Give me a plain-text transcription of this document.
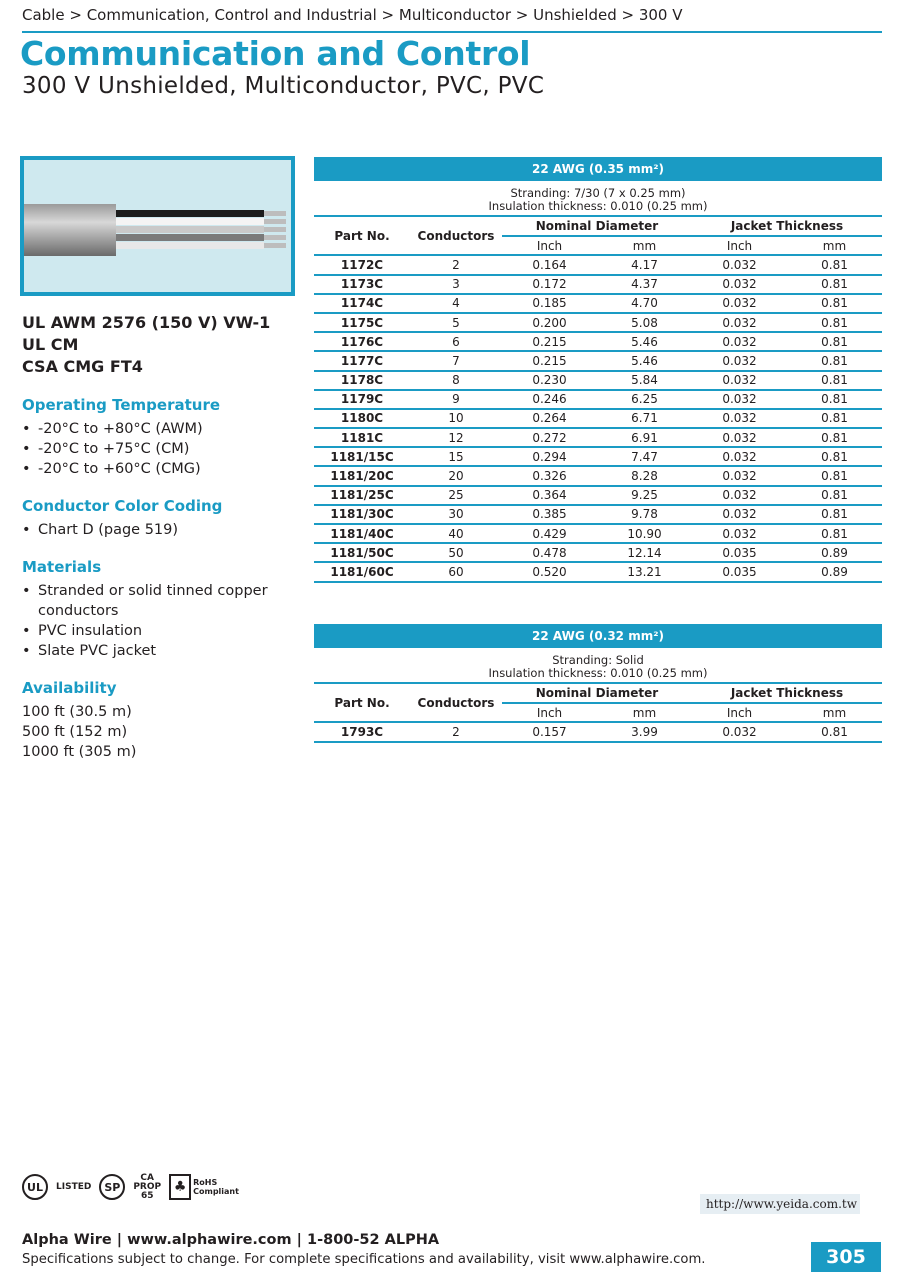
Cable > Communication, Control and Industrial > Multiconductor > Unshielded > 300 V
Communication and Control
300 V Unshielded, Multiconductor, PVC, PVC
UL AWM 2576 (150 V) VW-1
UL CM
CSA CMG FT4
Operating Temperature
• -20°C to +80°C (AWM)
• -20°C to +75°C (CM)
• -20°C to +60°C (CMG)
Conductor Color Coding
• Chart D (page 519)
Materials
• Stranded or solid tinned copper conductors
• PVC insulation
• Slate PVC jacket
Availability
100 ft (30.5 m)
500 ft (152 m)
1000 ft (305 m)
22 AWG (0.35 mm²)
Stranding: 7/30 (7 x 0.25 mm)
Insulation thickness: 0.010 (0.25 mm)
Part No.	Conductors	Nominal Diameter		Jacket Thickness	
		Inch	mm	Inch	mm
1172C	2	0.164	4.17	0.032	0.81
1173C	3	0.172	4.37	0.032	0.81
1174C	4	0.185	4.70	0.032	0.81
1175C	5	0.200	5.08	0.032	0.81
1176C	6	0.215	5.46	0.032	0.81
1177C	7	0.215	5.46	0.032	0.81
1178C	8	0.230	5.84	0.032	0.81
1179C	9	0.246	6.25	0.032	0.81
1180C	10	0.264	6.71	0.032	0.81
1181C	12	0.272	6.91	0.032	0.81
1181/15C	15	0.294	7.47	0.032	0.81
1181/20C	20	0.326	8.28	0.032	0.81
1181/25C	25	0.364	9.25	0.032	0.81
1181/30C	30	0.385	9.78	0.032	0.81
1181/40C	40	0.429	10.90	0.032	0.81
1181/50C	50	0.478	12.14	0.035	0.89
1181/60C	60	0.520	13.21	0.035	0.89
22 AWG (0.32 mm²)
Stranding: Solid
Insulation thickness: 0.010 (0.25 mm)
Part No.	Conductors	Nominal Diameter		Jacket Thickness	
		Inch	mm	Inch	mm
1793C	2	0.157	3.99	0.032	0.81
UL	LISTED	SP
CA
PROP
65
♣ RoHS
Compliant
http://www.yeida.com.tw
Alpha Wire | www.alphawire.com | 1-800-52 ALPHA
Specifications subject to change. For complete specifications and availability, visit www.alphawire.com.	305
